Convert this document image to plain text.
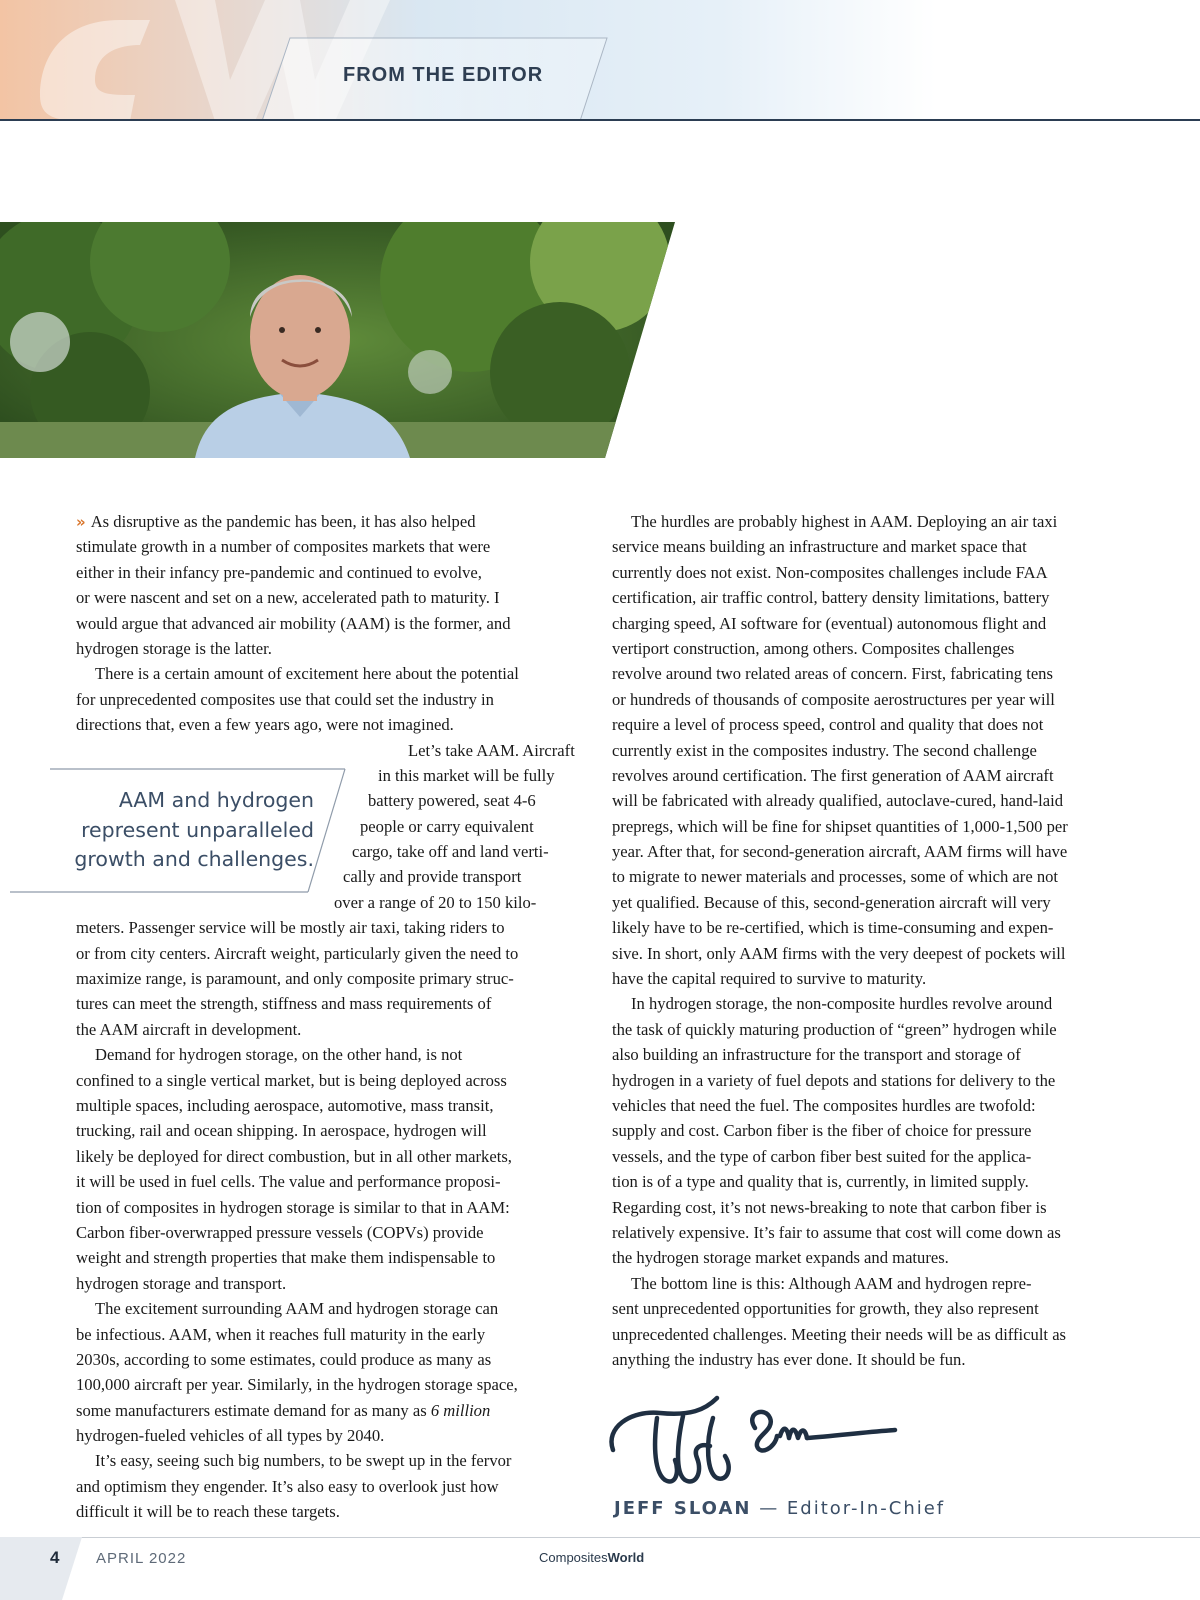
FROM THE EDITOR
» As disruptive as the pandemic has been, it has also helped
stimulate growth in a number of composites markets that were
either in their infancy pre-pandemic and continued to evolve,
or were nascent and set on a new, accelerated path to maturity. I
would argue that advanced air mobility (AAM) is the former, and
hydrogen storage is the latter.
There is a certain amount of excitement here about the potential
for unprecedented composites use that could set the industry in
directions that, even a few years ago, were not imagined.
Let’s take AAM. Aircraft
in this market will be fully
battery powered, seat 4-6
people or carry equivalent
cargo, take off and land verti-
cally and provide transport
over a range of 20 to 150 kilo-
meters. Passenger service will be mostly air taxi, taking riders to
or from city centers. Aircraft weight, particularly given the need to
maximize range, is paramount, and only composite primary struc-
tures can meet the strength, stiffness and mass requirements of
the AAM aircraft in development.
Demand for hydrogen storage, on the other hand, is not
confined to a single vertical market, but is being deployed across
multiple spaces, including aerospace, automotive, mass transit,
trucking, rail and ocean shipping. In aerospace, hydrogen will
likely be deployed for direct combustion, but in all other markets,
it will be used in fuel cells. The value and performance proposi-
tion of composites in hydrogen storage is similar to that in AAM:
Carbon fiber-overwrapped pressure vessels (COPVs) provide
weight and strength properties that make them indispensable to
hydrogen storage and transport.
The excitement surrounding AAM and hydrogen storage can
be infectious. AAM, when it reaches full maturity in the early
2030s, according to some estimates, could produce as many as
100,000 aircraft per year. Similarly, in the hydrogen storage space,
some manufacturers estimate demand for as many as 6 million
hydrogen-fueled vehicles of all types by 2040.
It’s easy, seeing such big numbers, to be swept up in the fervor
and optimism they engender. It’s also easy to overlook just how
difficult it will be to reach these targets.
AAM and hydrogen
represent unparalleled
growth and challenges.
The hurdles are probably highest in AAM. Deploying an air taxi
service means building an infrastructure and market space that
currently does not exist. Non-composites challenges include FAA
certification, air traffic control, battery density limitations, battery
charging speed, AI software for (eventual) autonomous flight and
vertiport construction, among others. Composites challenges
revolve around two related areas of concern. First, fabricating tens
or hundreds of thousands of composite aerostructures per year will
require a level of process speed, control and quality that does not
currently exist in the composites industry. The second challenge
revolves around certification. The first generation of AAM aircraft
will be fabricated with already qualified, autoclave-cured, hand-laid
prepregs, which will be fine for shipset quantities of 1,000-1,500 per
year. After that, for second-generation aircraft, AAM firms will have
to migrate to newer materials and processes, some of which are not
yet qualified. Because of this, second-generation aircraft will very
likely have to be re-certified, which is time-consuming and expen-
sive. In short, only AAM firms with the very deepest of pockets will
have the capital required to survive to maturity.
In hydrogen storage, the non-composite hurdles revolve around
the task of quickly maturing production of “green” hydrogen while
also building an infrastructure for the transport and storage of
hydrogen in a variety of fuel depots and stations for delivery to the
vehicles that need the fuel. The composites hurdles are twofold:
supply and cost. Carbon fiber is the fiber of choice for pressure
vessels, and the type of carbon fiber best suited for the applica-
tion is of a type and quality that is, currently, in limited supply.
Regarding cost, it’s not news-breaking to note that carbon fiber is
relatively expensive. It’s fair to assume that cost will come down as
the hydrogen storage market expands and matures.
The bottom line is this: Although AAM and hydrogen repre-
sent unprecedented opportunities for growth, they also represent
unprecedented challenges. Meeting their needs will be as difficult as
anything the industry has ever done. It should be fun.
JEFF SLOAN — Editor-In-Chief
4 APRIL 2022	CompositesWorld
